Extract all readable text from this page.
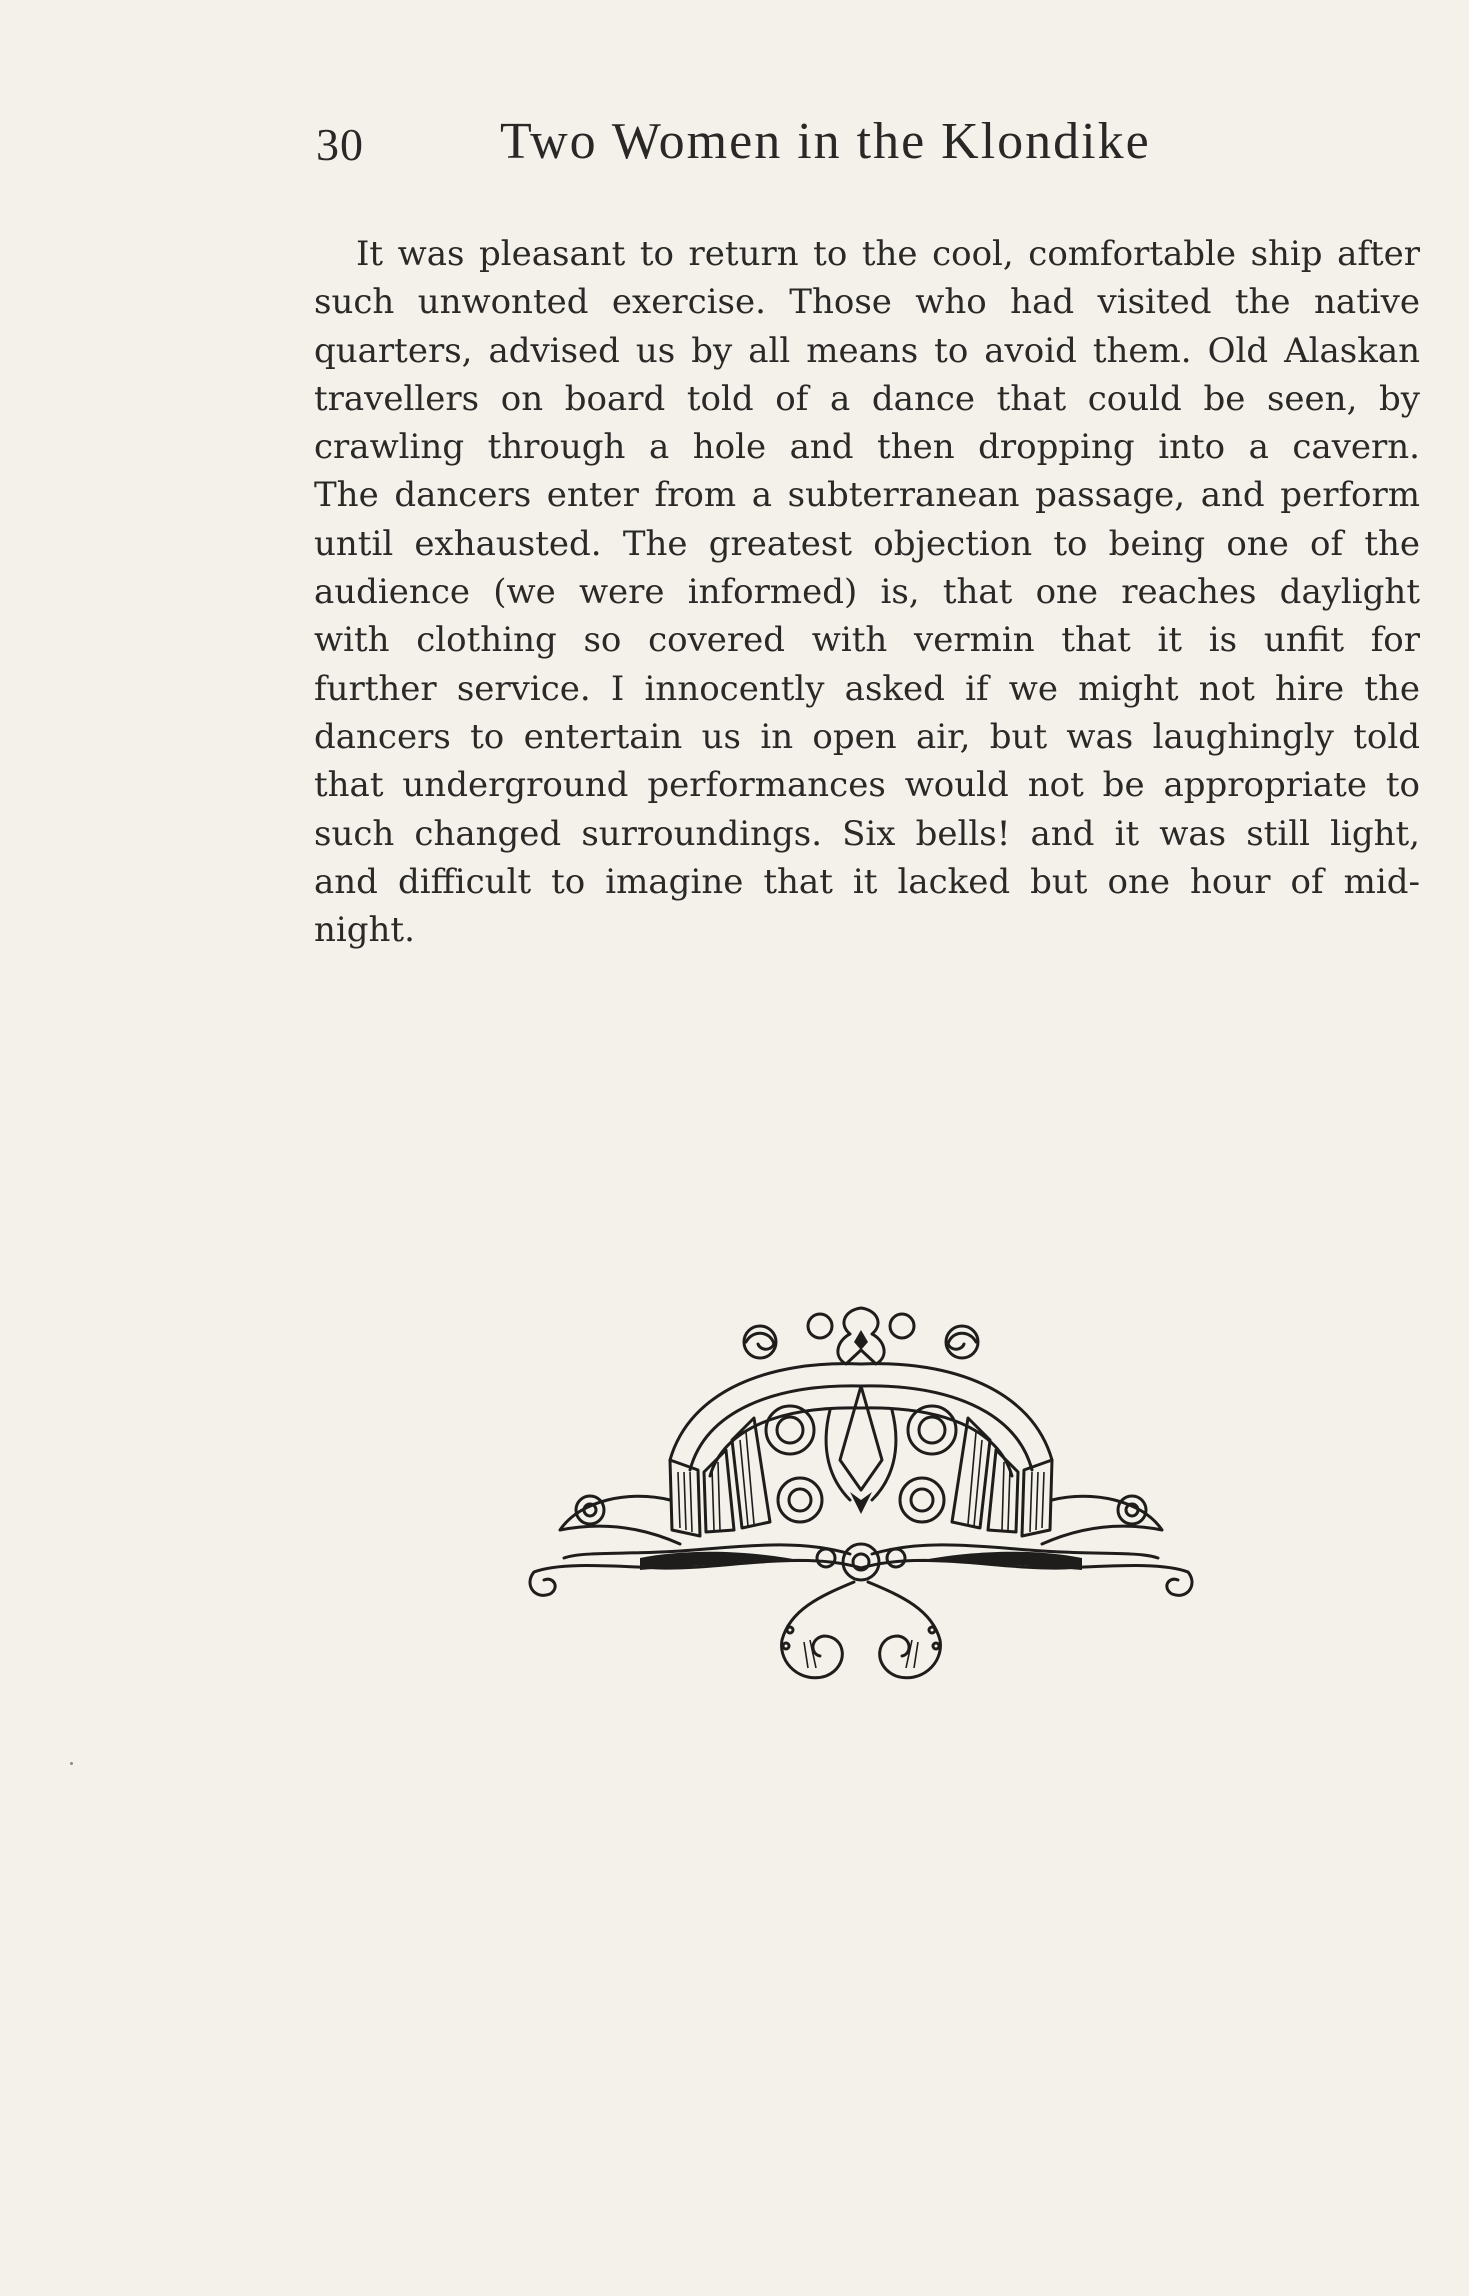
30	Two Women in the Klondike
It was pleasant to return to the cool, comfortable ship after
such unwonted exercise. Those who had visited the native
quarters, advised us by all means to avoid them. Old Alaskan
travellers on board told of a dance that could be seen, by
crawling through a hole and then dropping into a cavern.
The dancers enter from a subterranean passage, and perform
until exhausted. The greatest objection to being one of the
audience (we were informed) is, that one reaches daylight
with clothing so covered with vermin that it is unfit for
further service. I innocently asked if we might not hire the
dancers to entertain us in open air, but was laughingly told
that underground performances would not be appropriate to
such changed surroundings. Six bells! and it was still light,
and difficult to imagine that it lacked but one hour of mid-
night.
